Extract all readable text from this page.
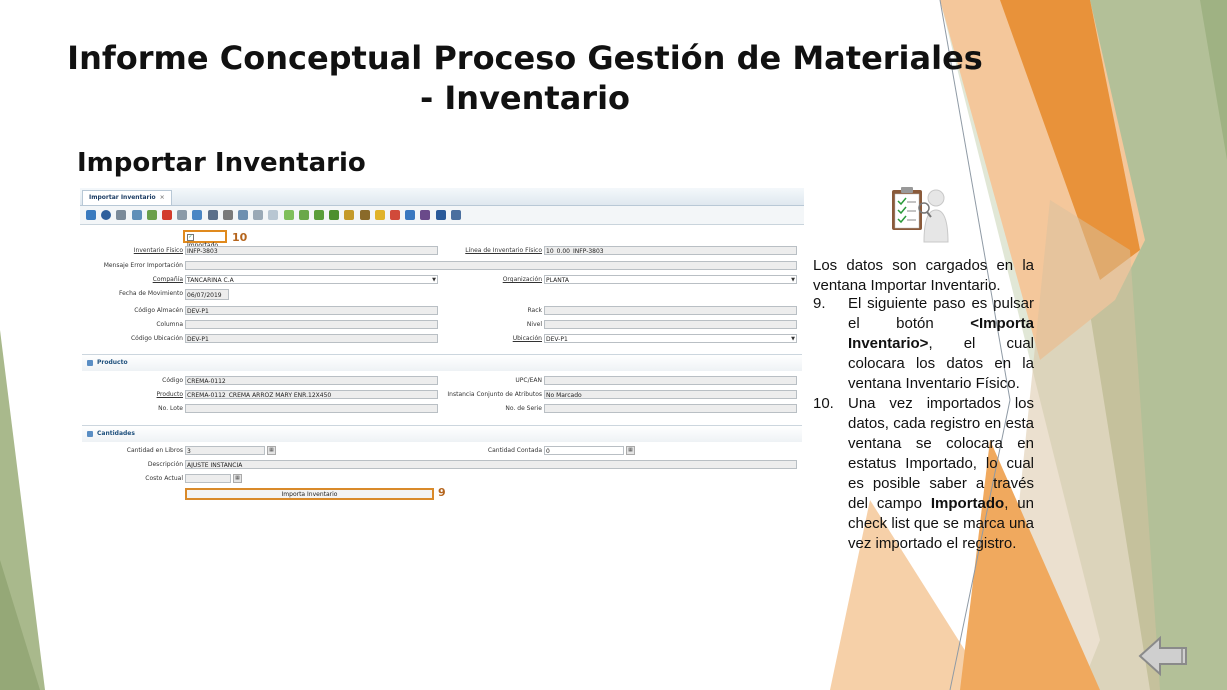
Informe Conceptual Proceso Gestión de Materiales - Inventario
Importar Inventario
Importar Inventario ×
✓	10
Inventario Físico INFP-3803	Línea de Inventario Físico 10_0.00_INFP-3803
Mensaje Error Importación
Compañía TANCARINA C.A	▼	Organización PLANTA	▼
Fecha de Movimiento 06/07/2019
Código Almacén DEV-P1	Rack
Columna	Nivel
Código Ubicación DEV-P1	Ubicación DEV-P1	▼
Producto
Código CREMA-0112	UPC/EAN
Producto CREMA-0112_CREMA ARROZ MARY ENR.12X450	Instancia Conjunto de Atributos No Marcado
No. Lote	No. de Serie
Cantidades
Cantidad en Libros 3	▦	Cantidad Contada 0	▦
Descripción AJUSTE INSTANCIA
Costo Actual	▦
Importa Inventario	9

Los datos son cargados en la ventana Importar Inventario.

9. El siguiente paso es pulsar el botón <Importa Inventario>, el cual colocara los datos en la ventana Inventario Físico.
10. Una vez importados los datos, cada registro en esta ventana se colocara en estatus Importado, lo cual es posible saber a través del campo Importado, un check list que se marca una vez importado el registro.
